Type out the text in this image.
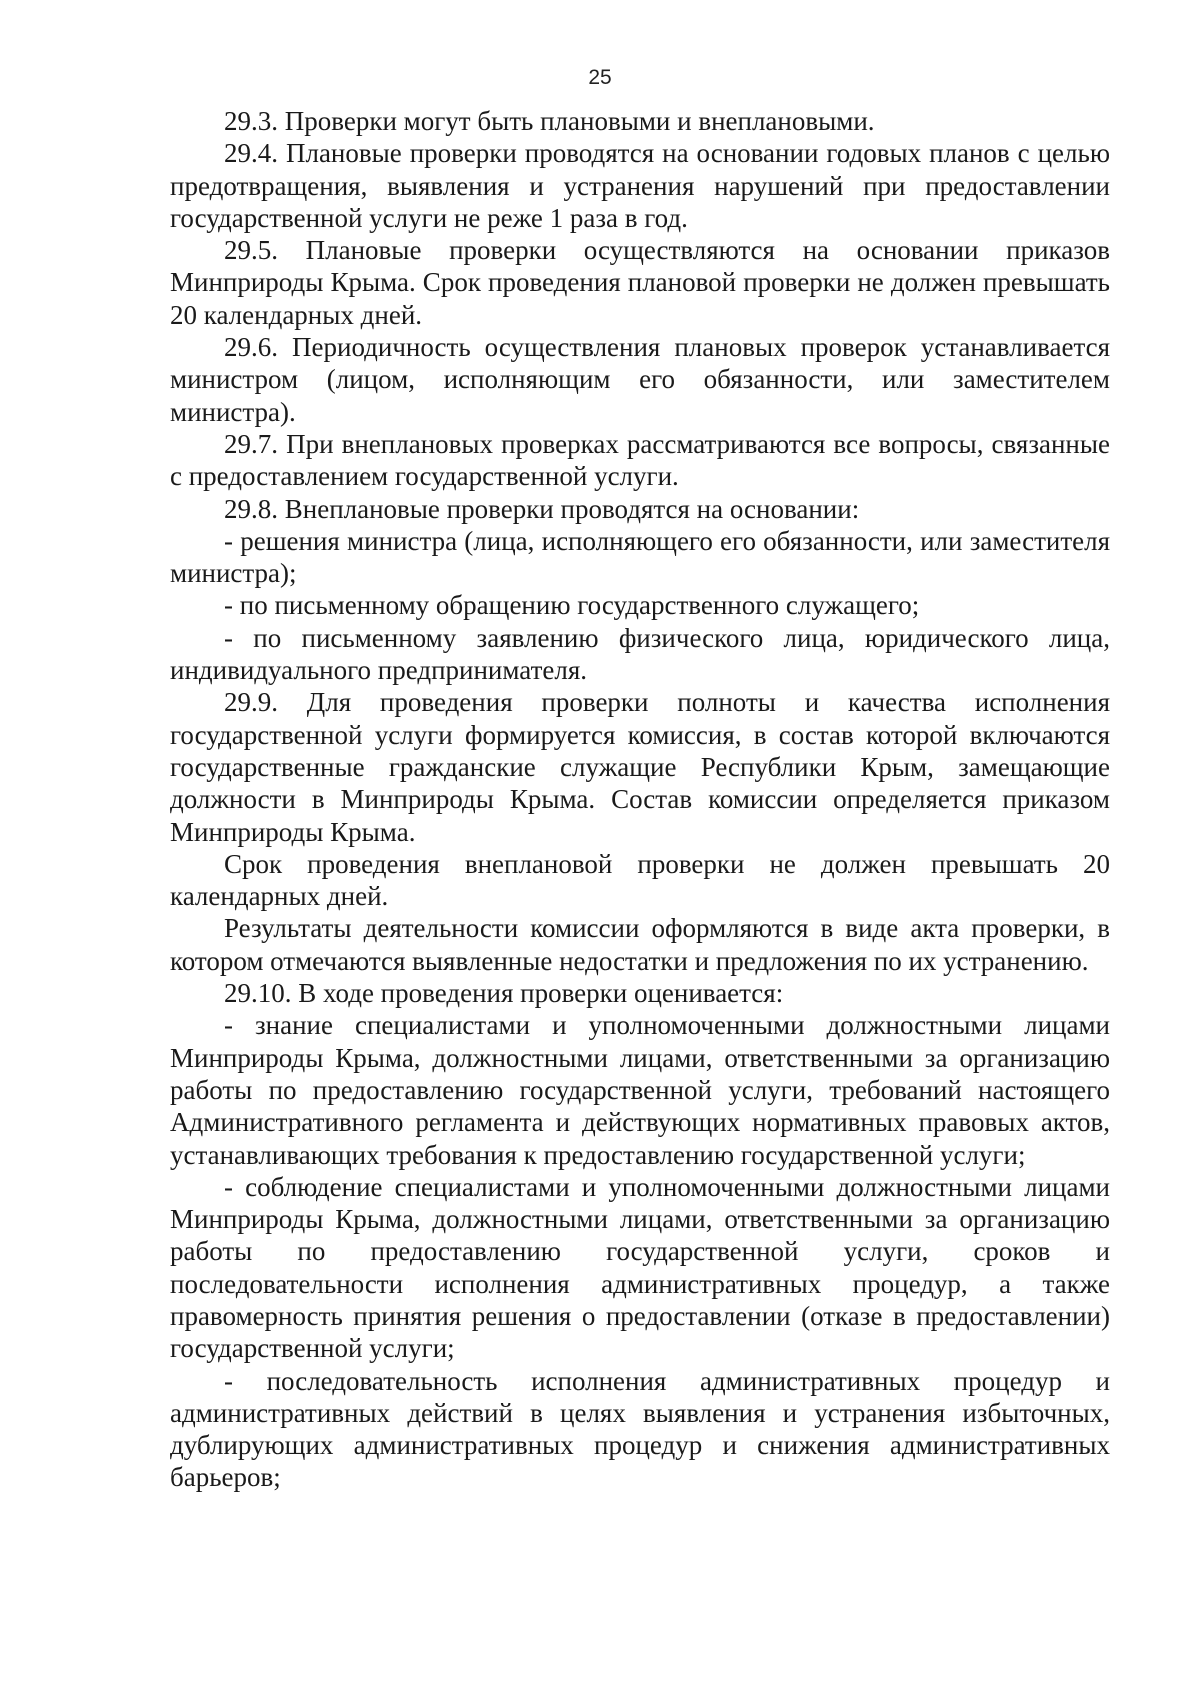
25

29.3. Проверки могут быть плановыми и внеплановыми.

29.4. Плановые проверки проводятся на основании годовых планов с целью предотвращения, выявления и устранения нарушений при предоставлении государственной услуги не реже 1 раза в год.

29.5. Плановые проверки осуществляются на основании приказов Минприроды Крыма. Срок проведения плановой проверки не должен превышать 20 календарных дней.

29.6. Периодичность осуществления плановых проверок устанавливается министром (лицом, исполняющим его обязанности, или заместителем министра).

29.7. При внеплановых проверках рассматриваются все вопросы, связанные с предоставлением государственной услуги.

29.8. Внеплановые проверки проводятся на основании:

- решения министра (лица, исполняющего его обязанности, или заместителя министра);

- по письменному обращению государственного служащего;

- по письменному заявлению физического лица, юридического лица, индивидуального предпринимателя.

29.9. Для проведения проверки полноты и качества исполнения государственной услуги формируется комиссия, в состав которой включаются государственные гражданские служащие Республики Крым, замещающие должности в Минприроды Крыма. Состав комиссии определяется приказом Минприроды Крыма.

Срок проведения внеплановой проверки не должен превышать 20 календарных дней.

Результаты деятельности комиссии оформляются в виде акта проверки, в котором отмечаются выявленные недостатки и предложения по их устранению.

29.10. В ходе проведения проверки оценивается:

- знание специалистами и уполномоченными должностными лицами Минприроды Крыма, должностными лицами, ответственными за организацию работы по предоставлению государственной услуги, требований настоящего Административного регламента и действующих нормативных правовых актов, устанавливающих требования к предоставлению государственной услуги;

- соблюдение специалистами и уполномоченными должностными лицами Минприроды Крыма, должностными лицами, ответственными за организацию работы по предоставлению государственной услуги, сроков и последовательности исполнения административных процедур, а также правомерность принятия решения о предоставлении (отказе в предоставлении) государственной услуги;

- последовательность исполнения административных процедур и административных действий в целях выявления и устранения избыточных, дублирующих административных процедур и снижения административных барьеров;
